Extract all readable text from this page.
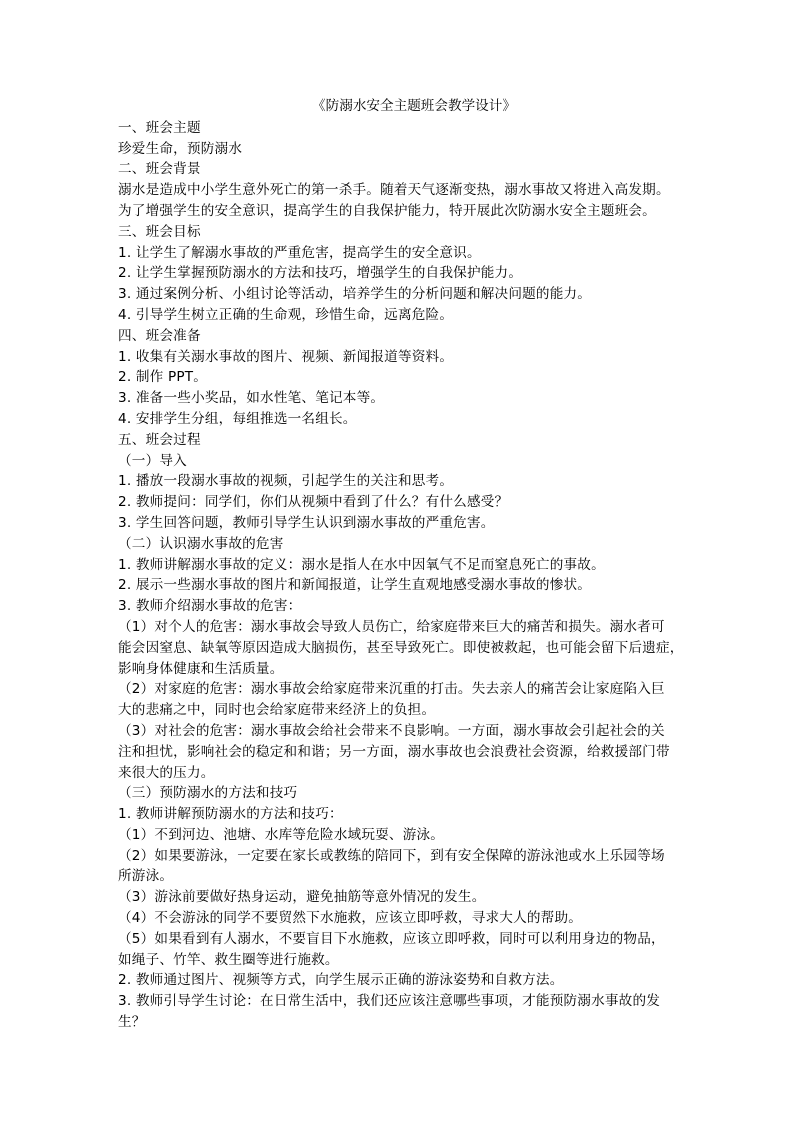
《防溺水安全主题班会教学设计》

一、班会主题

珍爱生命，预防溺水

二、班会背景

溺水是造成中小学生意外死亡的第一杀手。随着天气逐渐变热，溺水事故又将进入高发期。

为了增强学生的安全意识，提高学生的自我保护能力，特开展此次防溺水安全主题班会。

三、班会目标

1. 让学生了解溺水事故的严重危害，提高学生的安全意识。

2. 让学生掌握预防溺水的方法和技巧，增强学生的自我保护能力。

3. 通过案例分析、小组讨论等活动，培养学生的分析问题和解决问题的能力。

4. 引导学生树立正确的生命观，珍惜生命，远离危险。

四、班会准备

1. 收集有关溺水事故的图片、视频、新闻报道等资料。

2. 制作 PPT。

3. 准备一些小奖品，如水性笔、笔记本等。

4. 安排学生分组，每组推选一名组长。

五、班会过程

（一）导入

1. 播放一段溺水事故的视频，引起学生的关注和思考。

2. 教师提问：同学们，你们从视频中看到了什么？有什么感受？

3. 学生回答问题，教师引导学生认识到溺水事故的严重危害。

（二）认识溺水事故的危害

1. 教师讲解溺水事故的定义：溺水是指人在水中因氧气不足而窒息死亡的事故。

2. 展示一些溺水事故的图片和新闻报道，让学生直观地感受溺水事故的惨状。

3. 教师介绍溺水事故的危害：

（1）对个人的危害：溺水事故会导致人员伤亡，给家庭带来巨大的痛苦和损失。溺水者可

能会因窒息、缺氧等原因造成大脑损伤，甚至导致死亡。即使被救起，也可能会留下后遗症，

影响身体健康和生活质量。

（2）对家庭的危害：溺水事故会给家庭带来沉重的打击。失去亲人的痛苦会让家庭陷入巨

大的悲痛之中，同时也会给家庭带来经济上的负担。

（3）对社会的危害：溺水事故会给社会带来不良影响。一方面，溺水事故会引起社会的关

注和担忧，影响社会的稳定和和谐；另一方面，溺水事故也会浪费社会资源，给救援部门带

来很大的压力。

（三）预防溺水的方法和技巧

1. 教师讲解预防溺水的方法和技巧：

（1）不到河边、池塘、水库等危险水域玩耍、游泳。

（2）如果要游泳，一定要在家长或教练的陪同下，到有安全保障的游泳池或水上乐园等场

所游泳。

（3）游泳前要做好热身运动，避免抽筋等意外情况的发生。

（4）不会游泳的同学不要贸然下水施救，应该立即呼救，寻求大人的帮助。

（5）如果看到有人溺水，不要盲目下水施救，应该立即呼救，同时可以利用身边的物品，

如绳子、竹竿、救生圈等进行施救。

2. 教师通过图片、视频等方式，向学生展示正确的游泳姿势和自救方法。

3. 教师引导学生讨论：在日常生活中，我们还应该注意哪些事项，才能预防溺水事故的发生？
